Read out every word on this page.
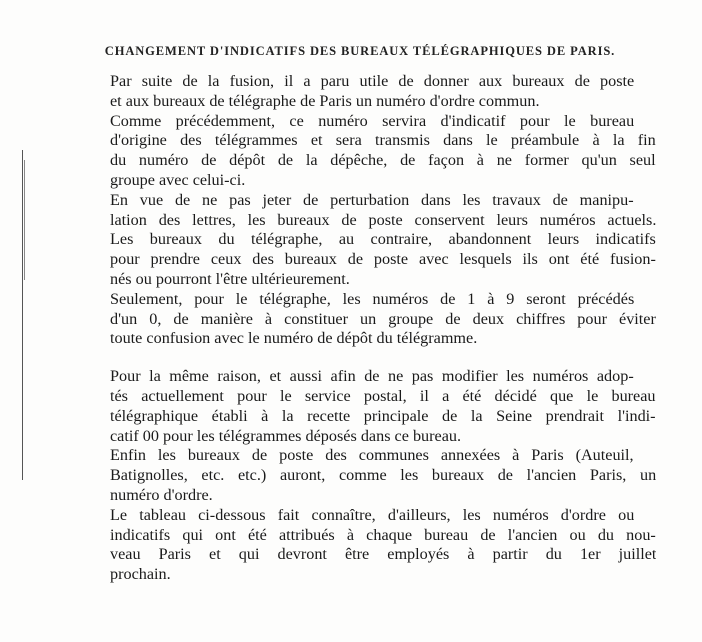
CHANGEMENT D'INDICATIFS DES BUREAUX TÉLÉGRAPHIQUES DE PARIS.

Par suite de la fusion, il a paru utile de donner aux bureaux de poste
et aux bureaux de télégraphe de Paris un numéro d'ordre commun.

Comme précédemment, ce numéro servira d'indicatif pour le bureau
d'origine des télégrammes et sera transmis dans le préambule à la fin
du numéro de dépôt de la dépêche, de façon à ne former qu'un seul
groupe avec celui-ci.

En vue de ne pas jeter de perturbation dans les travaux de manipu-
lation des lettres, les bureaux de poste conservent leurs numéros actuels.
Les bureaux du télégraphe, au contraire, abandonnent leurs indicatifs
pour prendre ceux des bureaux de poste avec lesquels ils ont été fusion-
nés ou pourront l'être ultérieurement.

Seulement, pour le télégraphe, les numéros de 1 à 9 seront précédés
d'un 0, de manière à constituer un groupe de deux chiffres pour éviter
toute confusion avec le numéro de dépôt du télégramme.

Pour la même raison, et aussi afin de ne pas modifier les numéros adop-
tés actuellement pour le service postal, il a été décidé que le bureau
télégraphique établi à la recette principale de la Seine prendrait l'indi-
catif 00 pour les télégrammes déposés dans ce bureau.

Enfin les bureaux de poste des communes annexées à Paris (Auteuil,
Batignolles, etc. etc.) auront, comme les bureaux de l'ancien Paris, un
numéro d'ordre.

Le tableau ci-dessous fait connaître, d'ailleurs, les numéros d'ordre ou
indicatifs qui ont été attribués à chaque bureau de l'ancien ou du nou-
veau Paris et qui devront être employés à partir du 1er juillet
prochain.
